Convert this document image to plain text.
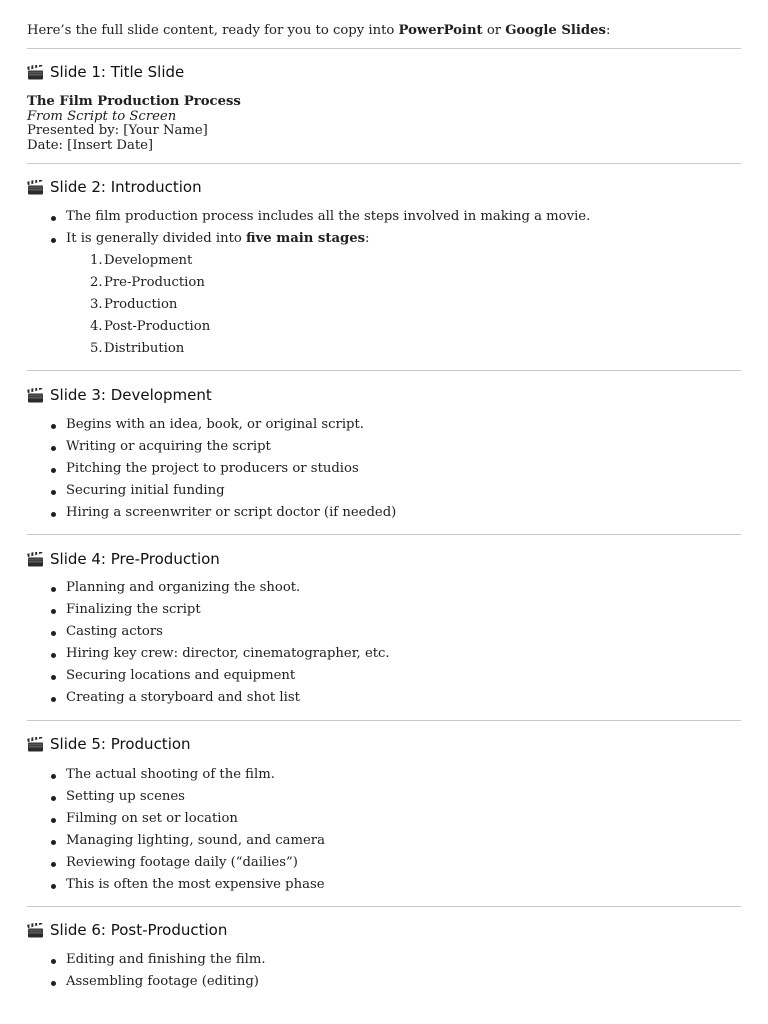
Here’s the full slide content, ready for you to copy into PowerPoint or Google Slides:
Slide 1: Title Slide
The Film Production Process
From Script to Screen
Presented by: [Your Name]
Date: [Insert Date]
Slide 2: Introduction
The film production process includes all the steps involved in making a movie.
It is generally divided into five main stages:
1. Development
2. Pre-Production
3. Production
4. Post-Production
5. Distribution
Slide 3: Development
Begins with an idea, book, or original script.
Writing or acquiring the script
Pitching the project to producers or studios
Securing initial funding
Hiring a screenwriter or script doctor (if needed)
Slide 4: Pre-Production
Planning and organizing the shoot.
Finalizing the script
Casting actors
Hiring key crew: director, cinematographer, etc.
Securing locations and equipment
Creating a storyboard and shot list
Slide 5: Production
The actual shooting of the film.
Setting up scenes
Filming on set or location
Managing lighting, sound, and camera
Reviewing footage daily (“dailies”)
This is often the most expensive phase
Slide 6: Post-Production
Editing and finishing the film.
Assembling footage (editing)
